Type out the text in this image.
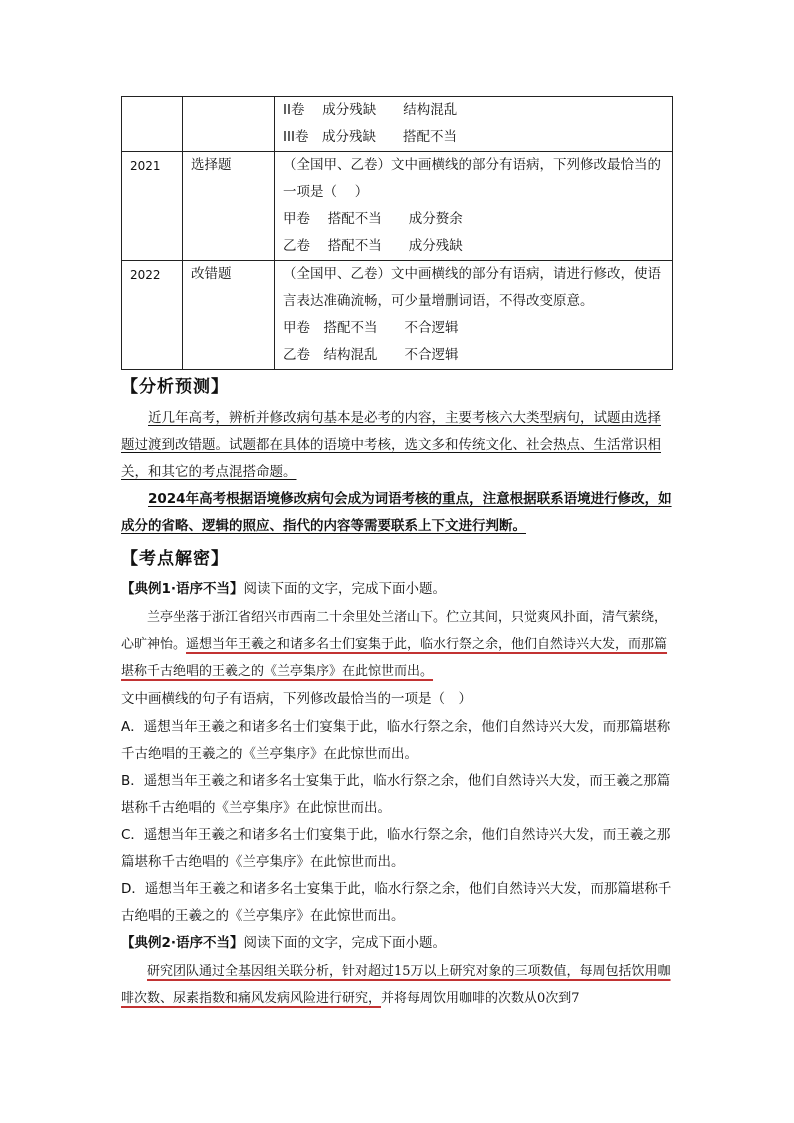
		II卷　 成分残缺　　结构混乱
III卷　成分残缺　　搭配不当

2021	选择题	（全国甲、乙卷）文中画横线的部分有语病，下列修改最恰当的一项是（　 ）
甲卷　 搭配不当　　成分赘余
乙卷　 搭配不当　　成分残缺

2022	改错题	（全国甲、乙卷）文中画横线的部分有语病，请进行修改，使语言表达准确流畅，可少量增删词语，不得改变原意。
甲卷　搭配不当　　不合逻辑
乙卷　结构混乱　　不合逻辑
【分析预测】

近几年高考，辨析并修改病句基本是必考的内容，主要考核六大类型病句，试题由选择题过渡到改错题。试题都在具体的语境中考核，选文多和传统文化、社会热点、生活常识相关，和其它的考点混搭命题。

2024年高考根据语境修改病句会成为词语考核的重点，注意根据联系语境进行修改，如成分的省略、逻辑的照应、指代的内容等需要联系上下文进行判断。

【考点解密】

【典例1·语序不当】阅读下面的文字，完成下面小题。

兰亭坐落于浙江省绍兴市西南二十余里处兰渚山下。伫立其间，只觉爽风扑面，清气萦绕，心旷神怡。遥想当年王羲之和诸多名士们宴集于此，临水行祭之余，他们自然诗兴大发，而那篇堪称千古绝唱的王羲之的《兰亭集序》在此惊世而出。

文中画横线的句子有语病，下列修改最恰当的一项是（　）

A．遥想当年王羲之和诸多名士们宴集于此，临水行祭之余，他们自然诗兴大发，而那篇堪称千古绝唱的王羲之的《兰亭集序》在此惊世而出。

B．遥想当年王羲之和诸多名士宴集于此，临水行祭之余，他们自然诗兴大发，而王羲之那篇堪称千古绝唱的《兰亭集序》在此惊世而出。

C．遥想当年王羲之和诸多名士们宴集于此，临水行祭之余，他们自然诗兴大发，而王羲之那篇堪称千古绝唱的《兰亭集序》在此惊世而出。

D．遥想当年王羲之和诸多名士宴集于此，临水行祭之余，他们自然诗兴大发，而那篇堪称千古绝唱的王羲之的《兰亭集序》在此惊世而出。

【典例2·语序不当】阅读下面的文字，完成下面小题。

研究团队通过全基因组关联分析，针对超过15万以上研究对象的三项数值，每周包括饮用咖啡次数、尿素指数和痛风发病风险进行研究，并将每周饮用咖啡的次数从0次到7
